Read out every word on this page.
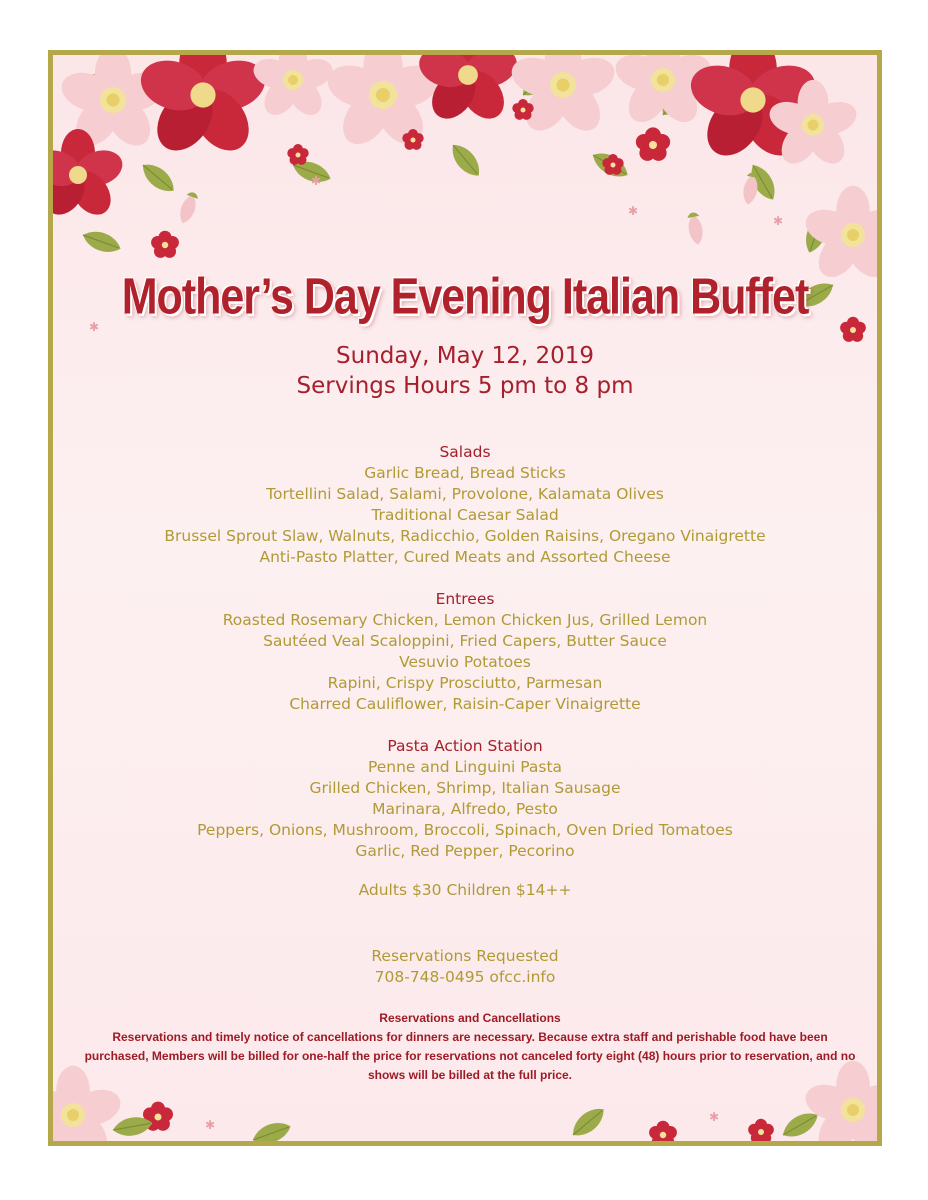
✱
✱
✱
✱
✱
✱
Mother’s Day Evening Italian Buffet
Sunday, May 12, 2019
Servings Hours 5 pm to 8 pm
Salads
Garlic Bread, Bread Sticks
Tortellini Salad, Salami, Provolone, Kalamata Olives
Traditional Caesar Salad
Brussel Sprout Slaw, Walnuts, Radicchio, Golden Raisins, Oregano Vinaigrette
Anti-Pasto Platter, Cured Meats and Assorted Cheese
Entrees
Roasted Rosemary Chicken, Lemon Chicken Jus, Grilled Lemon
Sautéed Veal Scaloppini, Fried Capers, Butter Sauce
Vesuvio Potatoes
Rapini, Crispy Prosciutto, Parmesan
Charred Cauliflower, Raisin-Caper Vinaigrette
Pasta Action Station
Penne and Linguini Pasta
Grilled Chicken, Shrimp, Italian Sausage
Marinara, Alfredo, Pesto
Peppers, Onions, Mushroom, Broccoli, Spinach, Oven Dried Tomatoes
Garlic, Red Pepper, Pecorino
Adults $30 Children $14++
Reservations Requested
708-748-0495 ofcc.info
Reservations and Cancellations
Reservations and timely notice of cancellations for dinners are necessary. Because extra staff and perishable food have been purchased, Members will be billed for one-half the price for reservations not canceled forty eight (48) hours prior to reservation, and no shows will be billed at the full price.
